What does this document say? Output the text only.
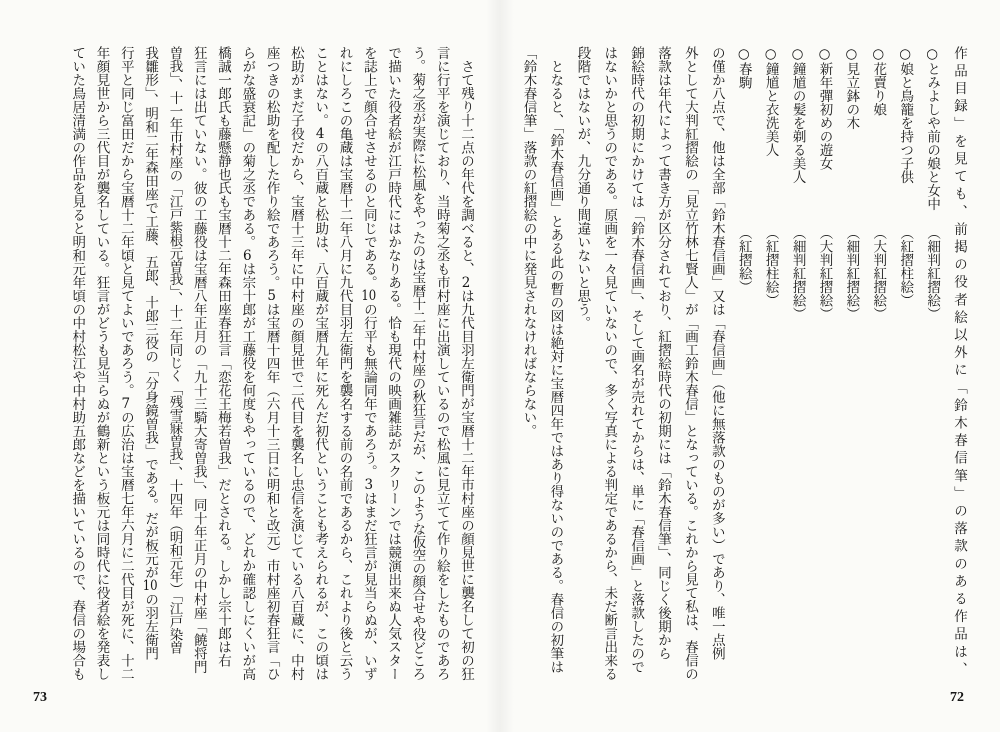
　さて残り十二点の年代を調べると、2は九代目羽左衛門が宝暦十二年市村座の顔見世に襲名して初の狂
言に行平を演じており、当時菊之丞も市村座に出演しているので松風に見立てて作り絵をしたものであろ
う。菊之丞が実際に松風をやったのは宝暦十二年中村座の秋狂言だが、このような仮空の顔合せや役どころ
で描いた役者絵が江戸時代にはかなりある。恰も現代の映画雑誌がスクリーンでは競演出来ぬ人気スター
を誌上で顔合せさせるのと同じである。10の行平も無論同年であろう。3はまだ狂言が見当らぬが、いず
れにしろこの亀蔵は宝暦十二年八月に九代目羽左衛門を襲名する前の名前であるから、これより後と云う
ことはない。4の八百蔵と松助は、八百蔵が宝暦九年に死んだ初代ということも考えられるが、この頃は
松助がまだ子役だから、宝暦十三年に中村座の顔見世で二代目を襲名し忠信を演じている八百蔵に、中村
座つきの松助を配した作り絵であろう。5は宝暦十四年（六月十三日に明和と改元）市村座初春狂言「ひ
らがな盛衰記」の菊之丞である。6は宗十郎が工藤役を何度もやっているので、どれか確認しにくいが高
橋誠一郎氏も藤懸静也氏も宝暦十二年森田座春狂言「恋花王梅若曽我」だとされる。しかし宗十郎は右
狂言には出ていない。彼の工藤役は宝暦八年正月の「九十三騎大寄曽我」、同十年正月の中村座「饒将門
曽我」、十一年市村座の「江戸紫根元曽我」、十二年同じく「残雪寐曽我」、十四年（明和元年）「江戸染曽
我雛形」、明和二年森田座で工藤、五郎、十郎三役の「分身鏡曽我」である。だが板元が10の羽左衛門
行平と同じ富田だから宝暦十二年頃と見てよいであろう。7の広治は宝暦七年六月に二代目が死に、十二
年顔見世から三代目が襲名している。狂言がどうも見当らぬが鶴新という板元は同時代に役者絵を発表し
ていた鳥居清満の作品を見ると明和元年頃の中村松江や中村助五郎などを描いているので、春信の場合も
73
作品目録」を見ても、前掲の役者絵以外に「鈴木春信筆」の落款のある作品は、
○とみよしや前の娘と女中（細判紅摺絵）
○娘と鳥籠を持つ子供（紅摺柱絵）
○花賣り娘（大判紅摺絵）
○見立鉢の木（細判紅摺絵）
○新年彈初めの遊女（大判紅摺絵）
○鐘馗の髪を剃る美人（細判紅摺絵）
○鐘馗と衣洗美人（紅摺柱絵）
○春駒（紅摺絵）
の僅か八点で、他は全部「鈴木春信画」又は「春信画」（他に無落款のものが多い）であり、唯一点例
外として大判紅摺絵の「見立竹林七賢人」が「画工鈴木春信」となっている。これから見て私は、春信の
落款は年代によって書き方が区分されており、紅摺絵時代の初期には「鈴木春信筆」、同じく後期から
錦絵時代の初期にかけては「鈴木春信画」、そして画名が売れてからは、単に「春信画」と落款したので
はないかと思うのである。原画を一々見ていないので、多く写真による判定であるから、未だ断言出来る
段階ではないが、九分通り間違いないと思う。
　となると、「鈴木春信画」とある此の暫の図は絶対に宝暦四年ではあり得ないのである。春信の初筆は
「鈴木春信筆」落款の紅摺絵の中に発見されなければならない。
72
